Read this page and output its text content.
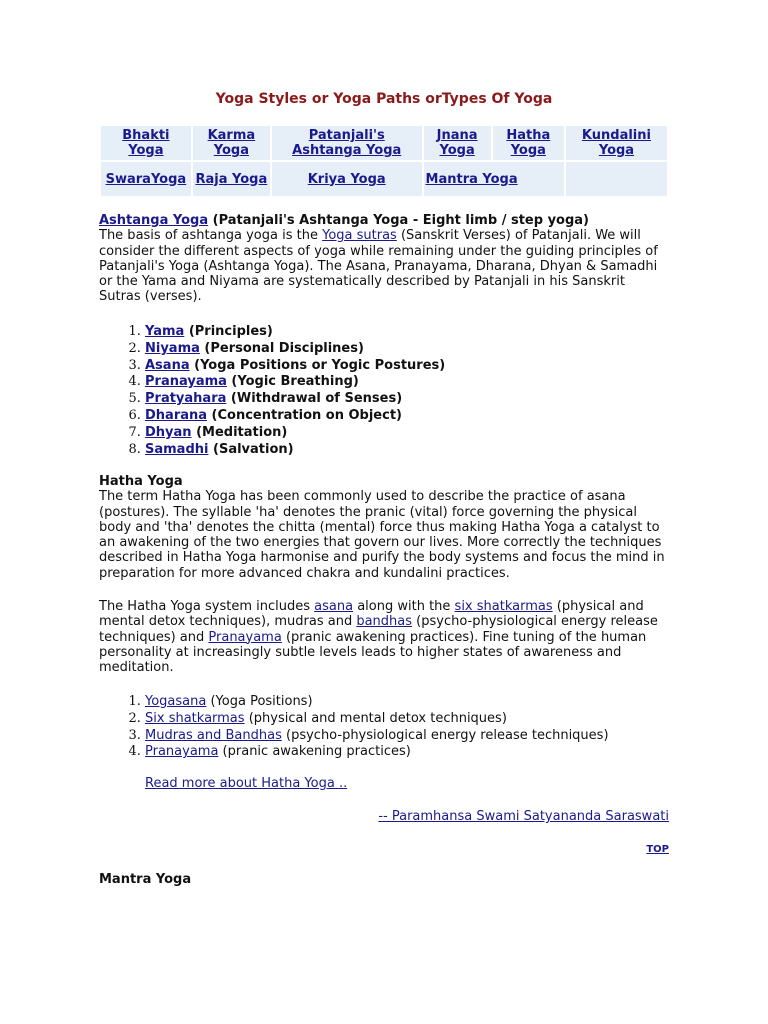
Yoga Styles or Yoga Paths orTypes Of Yoga
Bhakti Yoga	Karma Yoga	Patanjali's Ashtanga Yoga	Jnana Yoga	Hatha Yoga	Kundalini Yoga
SwaraYoga	Raja Yoga	Kriya Yoga	Mantra Yoga		
Ashtanga Yoga (Patanjali's Ashtanga Yoga - Eight limb / step yoga)
The basis of ashtanga yoga is the Yoga sutras (Sanskrit Verses) of Patanjali. We will consider the different aspects of yoga while remaining under the guiding principles of Patanjali's Yoga (Ashtanga Yoga). The Asana, Pranayama, Dharana, Dhyan & Samadhi or the Yama and Niyama are systematically described by Patanjali in his Sanskrit Sutras (verses).
1. Yama (Principles)
2. Niyama (Personal Disciplines)
3. Asana (Yoga Positions or Yogic Postures)
4. Pranayama (Yogic Breathing)
5. Pratyahara (Withdrawal of Senses)
6. Dharana (Concentration on Object)
7. Dhyan (Meditation)
8. Samadhi (Salvation)
Hatha Yoga
The term Hatha Yoga has been commonly used to describe the practice of asana (postures). The syllable 'ha' denotes the pranic (vital) force governing the physical body and 'tha' denotes the chitta (mental) force thus making Hatha Yoga a catalyst to an awakening of the two energies that govern our lives. More correctly the techniques described in Hatha Yoga harmonise and purify the body systems and focus the mind in preparation for more advanced chakra and kundalini practices.
The Hatha Yoga system includes asana along with the six shatkarmas (physical and mental detox techniques), mudras and bandhas (psycho-physiological energy release techniques) and Pranayama (pranic awakening practices). Fine tuning of the human personality at increasingly subtle levels leads to higher states of awareness and meditation.
1. Yogasana (Yoga Positions)
2. Six shatkarmas (physical and mental detox techniques)
3. Mudras and Bandhas (psycho-physiological energy release techniques)
4. Pranayama (pranic awakening practices)
Read more about Hatha Yoga ..
-- Paramhansa Swami Satyananda Saraswati
TOP
Mantra Yoga
